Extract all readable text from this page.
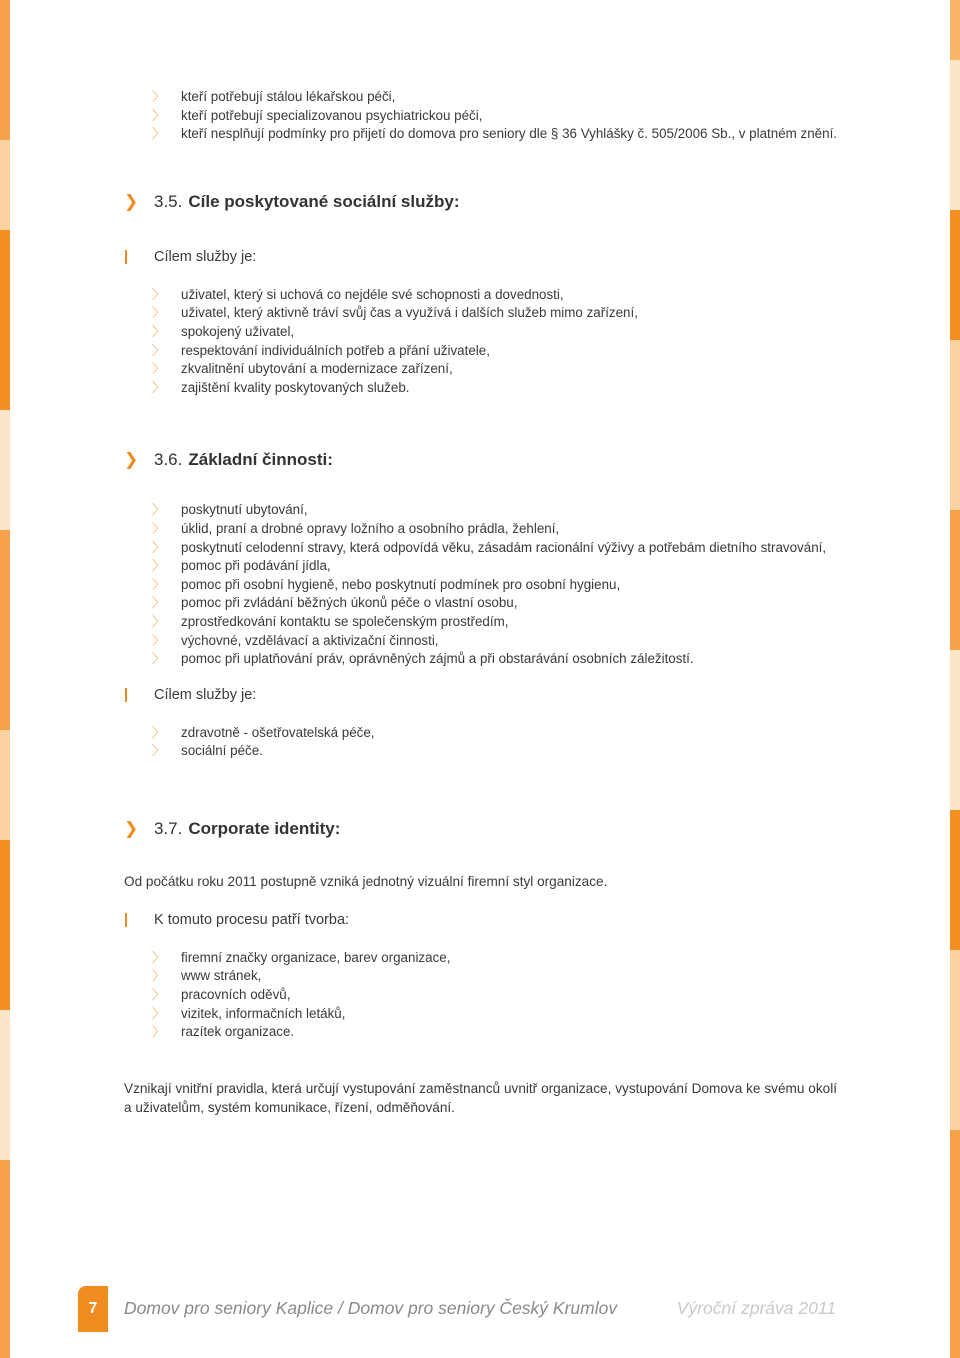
〉 kteří potřebují stálou lékařskou péči,
〉 kteří potřebují specializovanou psychiatrickou péči,
〉 kteří nesplňují podmínky pro přijetí do domova pro seniory dle § 36 Vyhlášky č. 505/2006 Sb., v platném znění.
❯ 3.5. Cíle poskytované sociální služby:
Cílem služby je:
〉 uživatel, který si uchová co nejdéle své schopnosti a dovednosti,
〉 uživatel, který aktivně tráví svůj čas a využívá i dalších služeb mimo zařízení,
〉 spokojený uživatel,
〉 respektování individuálních potřeb a přání uživatele,
〉 zkvalitnění ubytování a modernizace zařízení,
〉 zajištění kvality poskytovaných služeb.
❯ 3.6. Základní činnosti:
〉 poskytnutí ubytování,
〉 úklid, praní a drobné opravy ložního a osobního prádla, žehlení,
〉 poskytnutí celodenní stravy, která odpovídá věku, zásadám racionální výživy a potřebám dietního stravování,
〉 pomoc při podávání jídla,
〉 pomoc při osobní hygieně, nebo poskytnutí podmínek pro osobní hygienu,
〉 pomoc při zvládání běžných úkonů péče o vlastní osobu,
〉 zprostředkování kontaktu se společenským prostředím,
〉 výchovné, vzdělávací a aktivizační činnosti,
〉 pomoc při uplatňování práv, oprávněných zájmů a při obstarávání osobních záležitostí.
Cílem služby je:
〉 zdravotně - ošetřovatelská péče,
〉 sociální péče.
❯ 3.7. Corporate identity:
Od počátku roku 2011 postupně vzniká jednotný vizuální firemní styl organizace.
K tomuto procesu patří tvorba:
〉 firemní značky organizace, barev organizace,
〉 www stránek,
〉 pracovních oděvů,
〉 vizitek, informačních letáků,
〉 razítek organizace.
Vznikají vnitřní pravidla, která určují vystupování zaměstnanců uvnitř organizace, vystupování Domova ke svému okolí a uživatelům, systém komunikace, řízení, odměňování.
7	Domov pro seniory Kaplice / Domov pro seniory Český Krumlov	Výroční zpráva 2011
